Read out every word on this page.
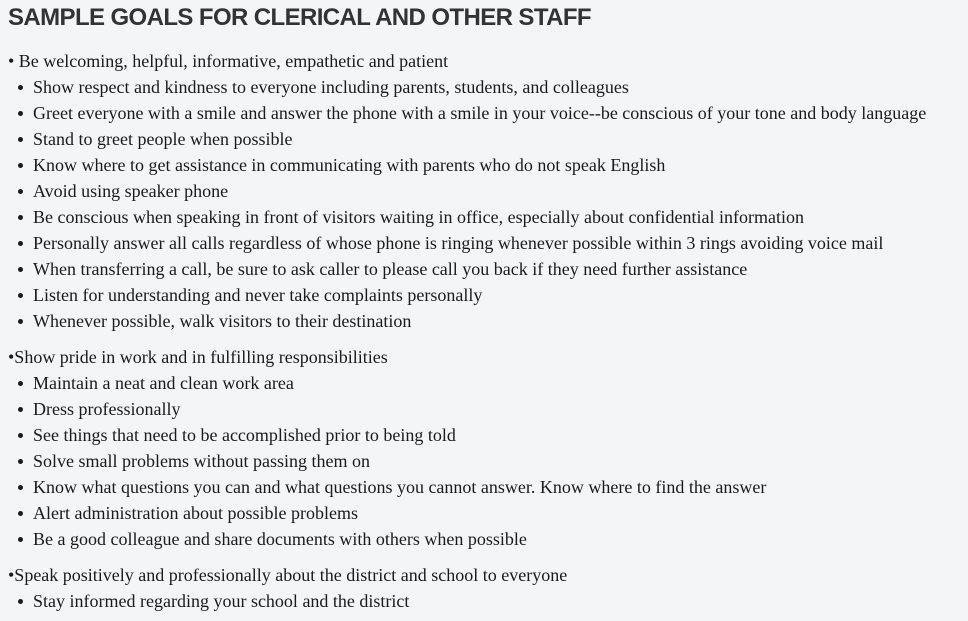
SAMPLE GOALS FOR CLERICAL AND OTHER STAFF

• Be welcoming, helpful, informative, empathetic and patient

Show respect and kindness to everyone including parents, students, and colleagues
Greet everyone with a smile and answer the phone with a smile in your voice--be conscious of your tone and body language
Stand to greet people when possible
Know where to get assistance in communicating with parents who do not speak English
Avoid using speaker phone
Be conscious when speaking in front of visitors waiting in office, especially about confidential information
Personally answer all calls regardless of whose phone is ringing whenever possible within 3 rings avoiding voice mail
When transferring a call, be sure to ask caller to please call you back if they need further assistance
Listen for understanding and never take complaints personally
Whenever possible, walk visitors to their destination

•Show pride in work and in fulfilling responsibilities

Maintain a neat and clean work area
Dress professionally
See things that need to be accomplished prior to being told
Solve small problems without passing them on
Know what questions you can and what questions you cannot answer. Know where to find the answer
Alert administration about possible problems
Be a good colleague and share documents with others when possible

•Speak positively and professionally about the district and school to everyone

Stay informed regarding your school and the district
